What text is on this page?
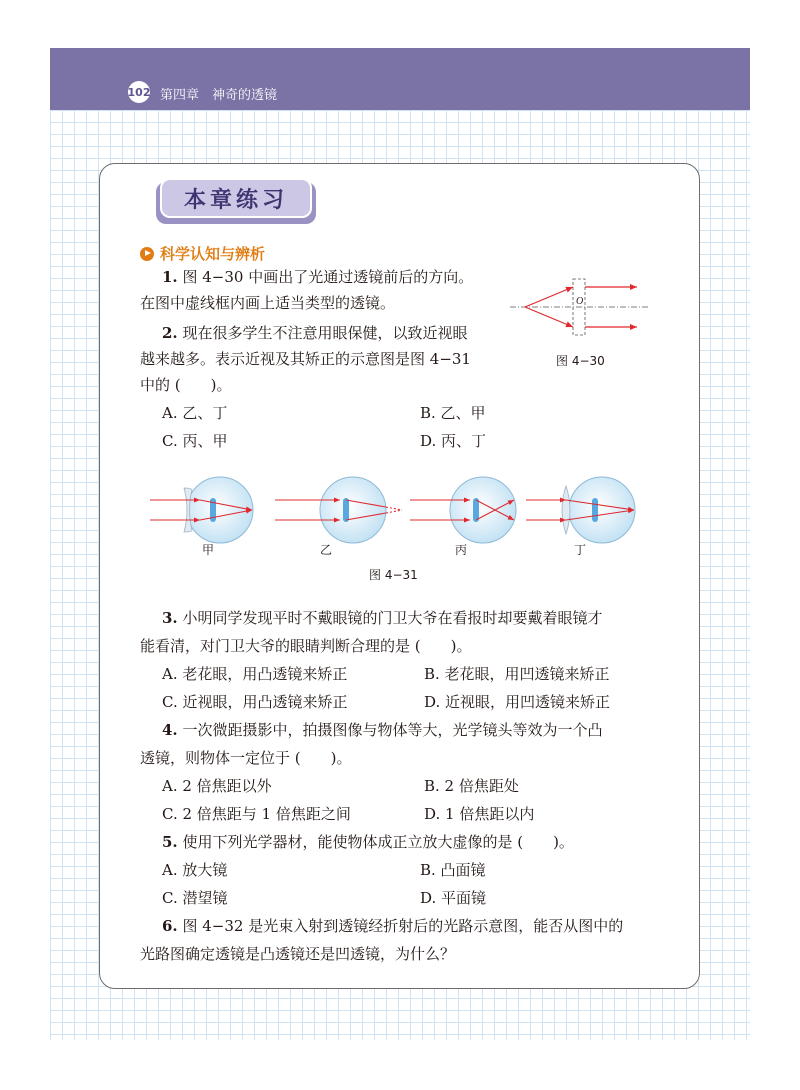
102 第四章　神奇的透镜
本章练习
科学认知与辨析
1. 图 4−30 中画出了光通过透镜前后的方向。
在图中虚线框内画上适当类型的透镜。	O
图 4−30
2. 现在很多学生不注意用眼保健，以致近视眼
越来越多。表示近视及其矫正的示意图是图 4−31
中的 (　　)。
A. 乙、丁	B. 乙、甲
C. 丙、甲	D. 丙、丁
甲	乙	丙	丁
图 4−31
3. 小明同学发现平时不戴眼镜的门卫大爷在看报时却要戴着眼镜才
能看清，对门卫大爷的眼睛判断合理的是 (　　)。
A. 老花眼，用凸透镜来矫正	B. 老花眼，用凹透镜来矫正
C. 近视眼，用凸透镜来矫正	D. 近视眼，用凹透镜来矫正
4. 一次微距摄影中，拍摄图像与物体等大，光学镜头等效为一个凸
透镜，则物体一定位于 (　　)。
A. 2 倍焦距以外	B. 2 倍焦距处
C. 2 倍焦距与 1 倍焦距之间	D. 1 倍焦距以内
5. 使用下列光学器材，能使物体成正立放大虚像的是 (　　)。
A. 放大镜	B. 凸面镜
C. 潜望镜	D. 平面镜
6. 图 4−32 是光束入射到透镜经折射后的光路示意图，能否从图中的
光路图确定透镜是凸透镜还是凹透镜，为什么？
